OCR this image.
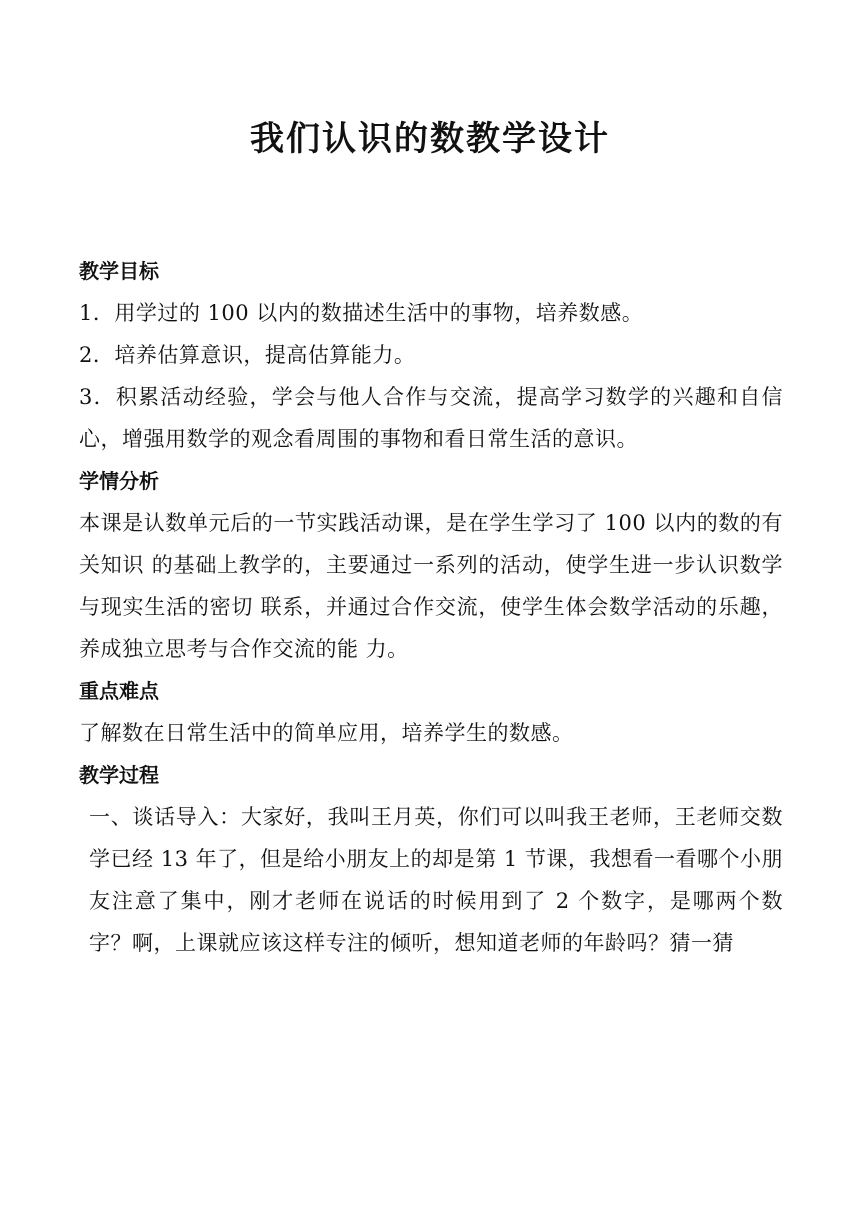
我们认识的数教学设计
教学目标

1．用学过的 100 以内的数描述生活中的事物，培养数感。

2．培养估算意识，提高估算能力。

3．积累活动经验，学会与他人合作与交流，提高学习数学的兴趣和自信心，增强用数学的观念看周围的事物和看日常生活的意识。

学情分析

本课是认数单元后的一节实践活动课，是在学生学习了 100 以内的数的有关知识 的基础上教学的，主要通过一系列的活动，使学生进一步认识数学与现实生活的密切 联系，并通过合作交流，使学生体会数学活动的乐趣，养成独立思考与合作交流的能 力。

重点难点

了解数在日常生活中的简单应用，培养学生的数感。

教学过程

一、谈话导入：大家好，我叫王月英，你们可以叫我王老师，王老师交数学已经 13 年了，但是给小朋友上的却是第 1 节课，我想看一看哪个小朋友注意了集中，刚才老师在说话的时候用到了 2 个数字，是哪两个数字？啊，上课就应该这样专注的倾听，想知道老师的年龄吗？猜一猜
